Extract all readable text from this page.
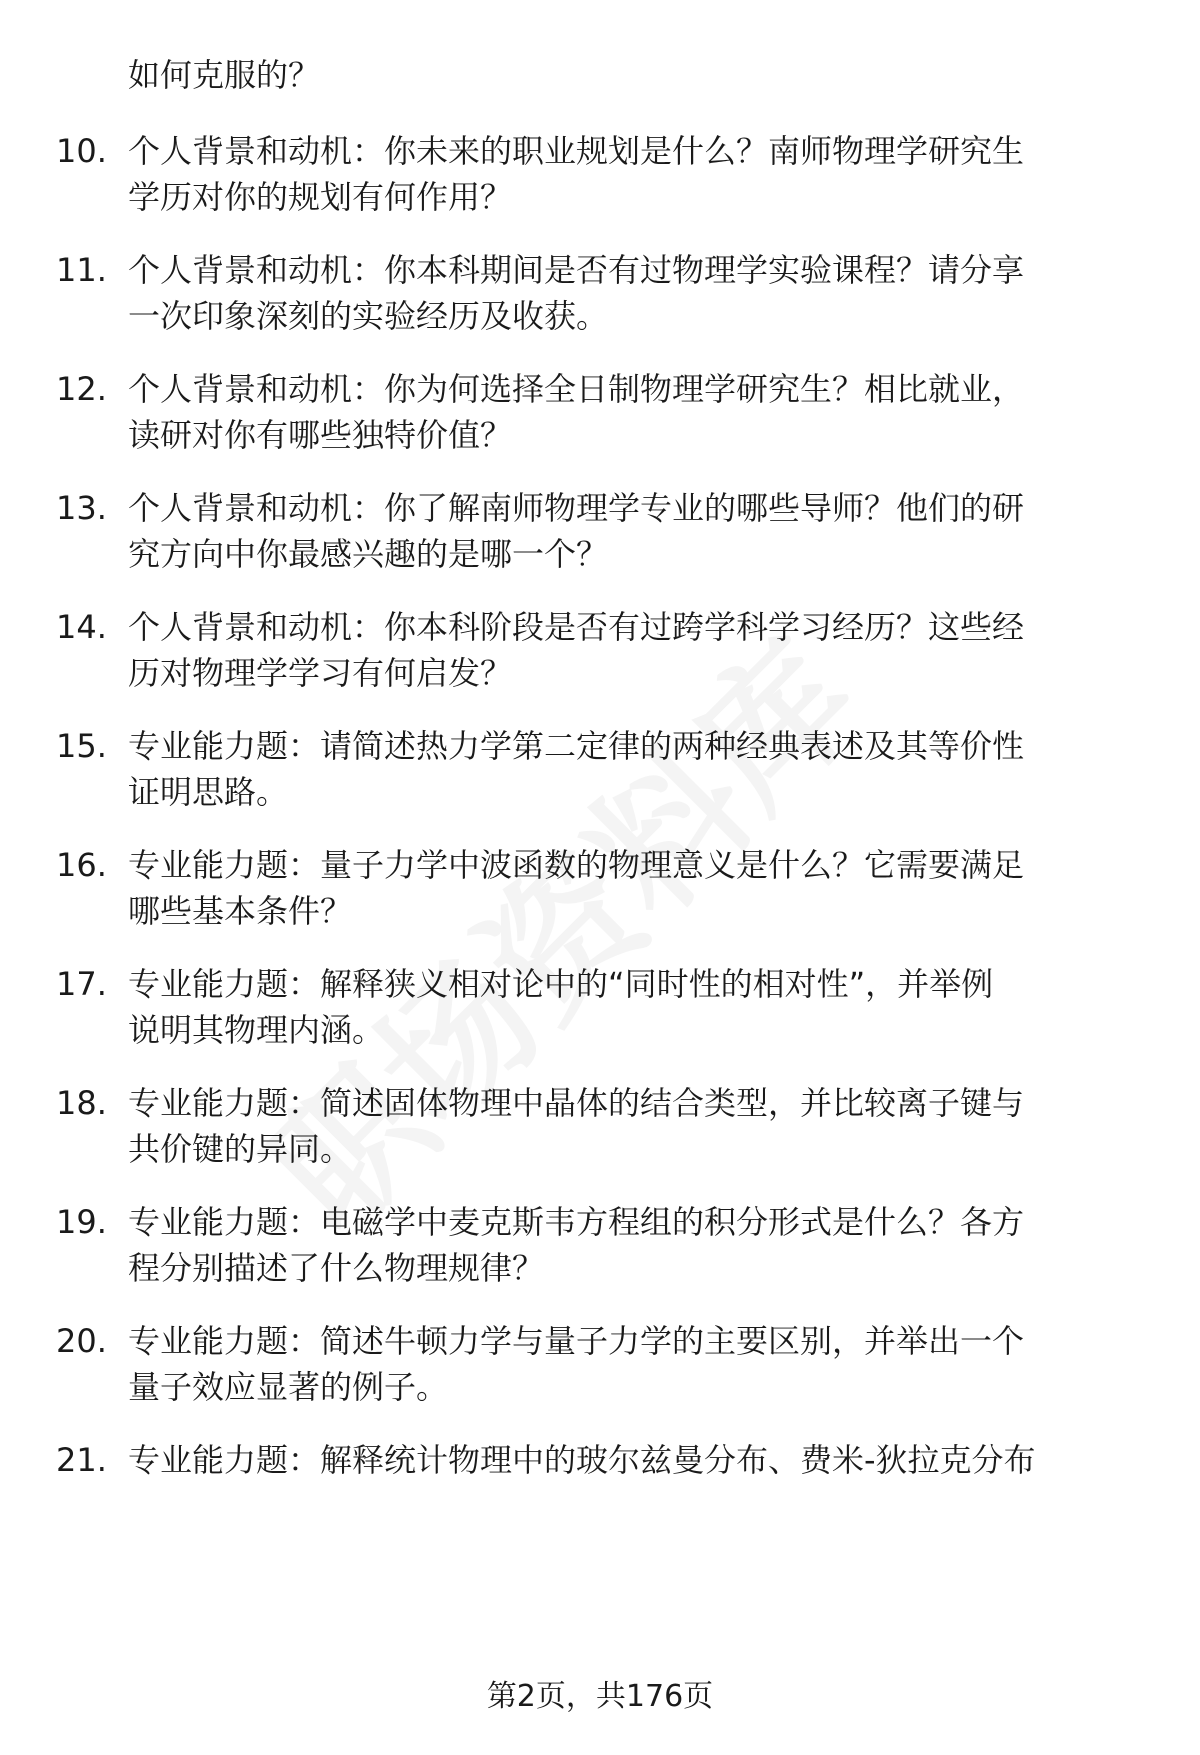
如何克服的？
10. 个人背景和动机：你未来的职业规划是什么？南师物理学研究生
学历对你的规划有何作用？
11. 个人背景和动机：你本科期间是否有过物理学实验课程？请分享
一次印象深刻的实验经历及收获。
12. 个人背景和动机：你为何选择全日制物理学研究生？相比就业，
读研对你有哪些独特价值？
13. 个人背景和动机：你了解南师物理学专业的哪些导师？他们的研
究方向中你最感兴趣的是哪一个？
14. 个人背景和动机：你本科阶段是否有过跨学科学习经历？这些经
历对物理学学习有何启发？
15. 专业能力题：请简述热力学第二定律的两种经典表述及其等价性
证明思路。
16. 专业能力题：量子力学中波函数的物理意义是什么？它需要满足
哪些基本条件？
17. 专业能力题：解释狭义相对论中的“同时性的相对性”，并举例
说明其物理内涵。
18. 专业能力题：简述固体物理中晶体的结合类型，并比较离子键与
共价键的异同。
19. 专业能力题：电磁学中麦克斯韦方程组的积分形式是什么？各方
程分别描述了什么物理规律？
20. 专业能力题：简述牛顿力学与量子力学的主要区别，并举出一个
量子效应显著的例子。
21. 专业能力题：解释统计物理中的玻尔兹曼分布、费米-狄拉克分布
第2页，共176页
